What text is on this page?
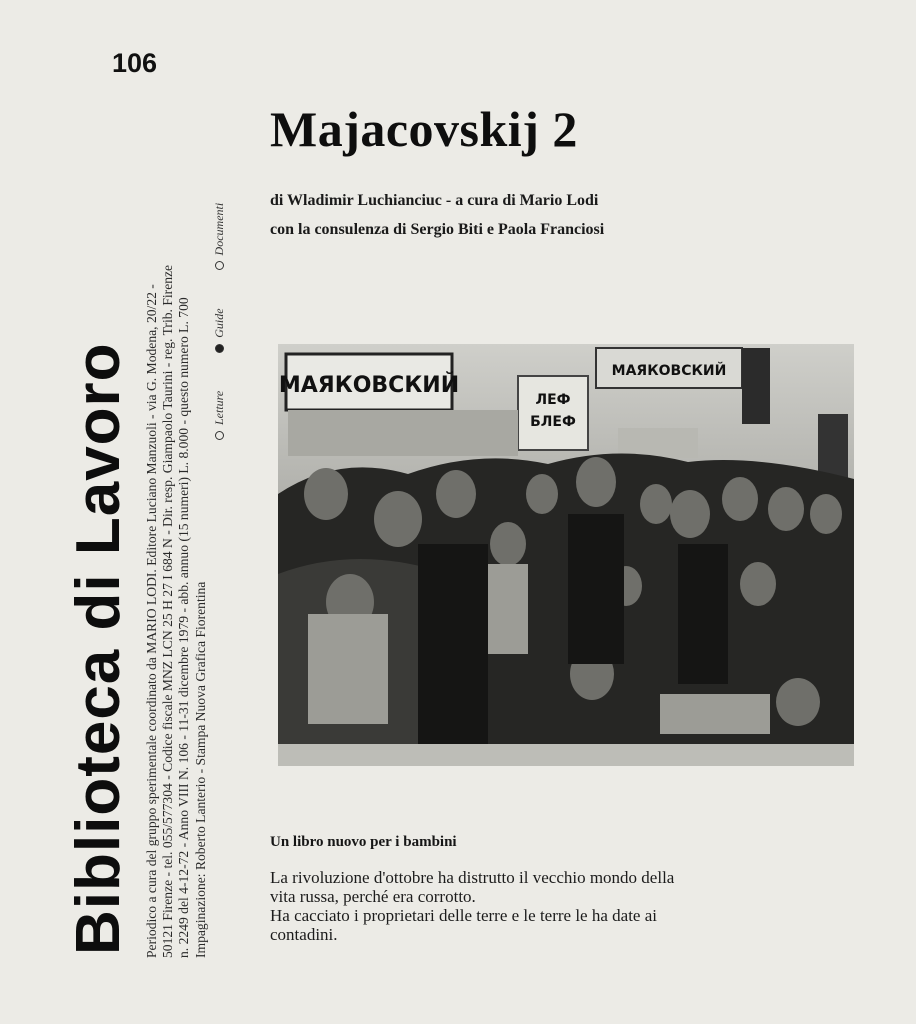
106
Biblioteca di Lavoro Periodico a cura del gruppo sperimentale coordinato da MARIO LODI. Editore Luciano Manzuoli - via G. Modena, 20/22 - 50121 Firenze - tel. 055/577304 - Codice fiscale MNZ LCN 25 H 27 I 684 N - Dir. resp. Giampaolo Taurini - reg. Trib. Firenze n. 2249 del 4-12-72 - Anno VIII N. 106 - 11-31 dicembre 1979 - abb. annuo (15 numeri) L. 8.000 - questo numero L. 700 Impaginazione: Roberto Lanterio - Stampa Nuova Grafica Fiorentina
Letture
Guide
Documenti
Majacovskij 2
di Wladimir Luchianciuc - a cura di Mario Lodi
con la consulenza di Sergio Biti e Paola Franciosi
МАЯКОВСКИЙ
МАЯКОВСКИЙ
ЛЕФ
БЛЕФ
Un libro nuovo per i bambini
La rivoluzione d'ottobre ha distrutto il vecchio mondo della
vita russa, perché era corrotto.
Ha cacciato i proprietari delle terre e le terre le ha date ai
contadini.
